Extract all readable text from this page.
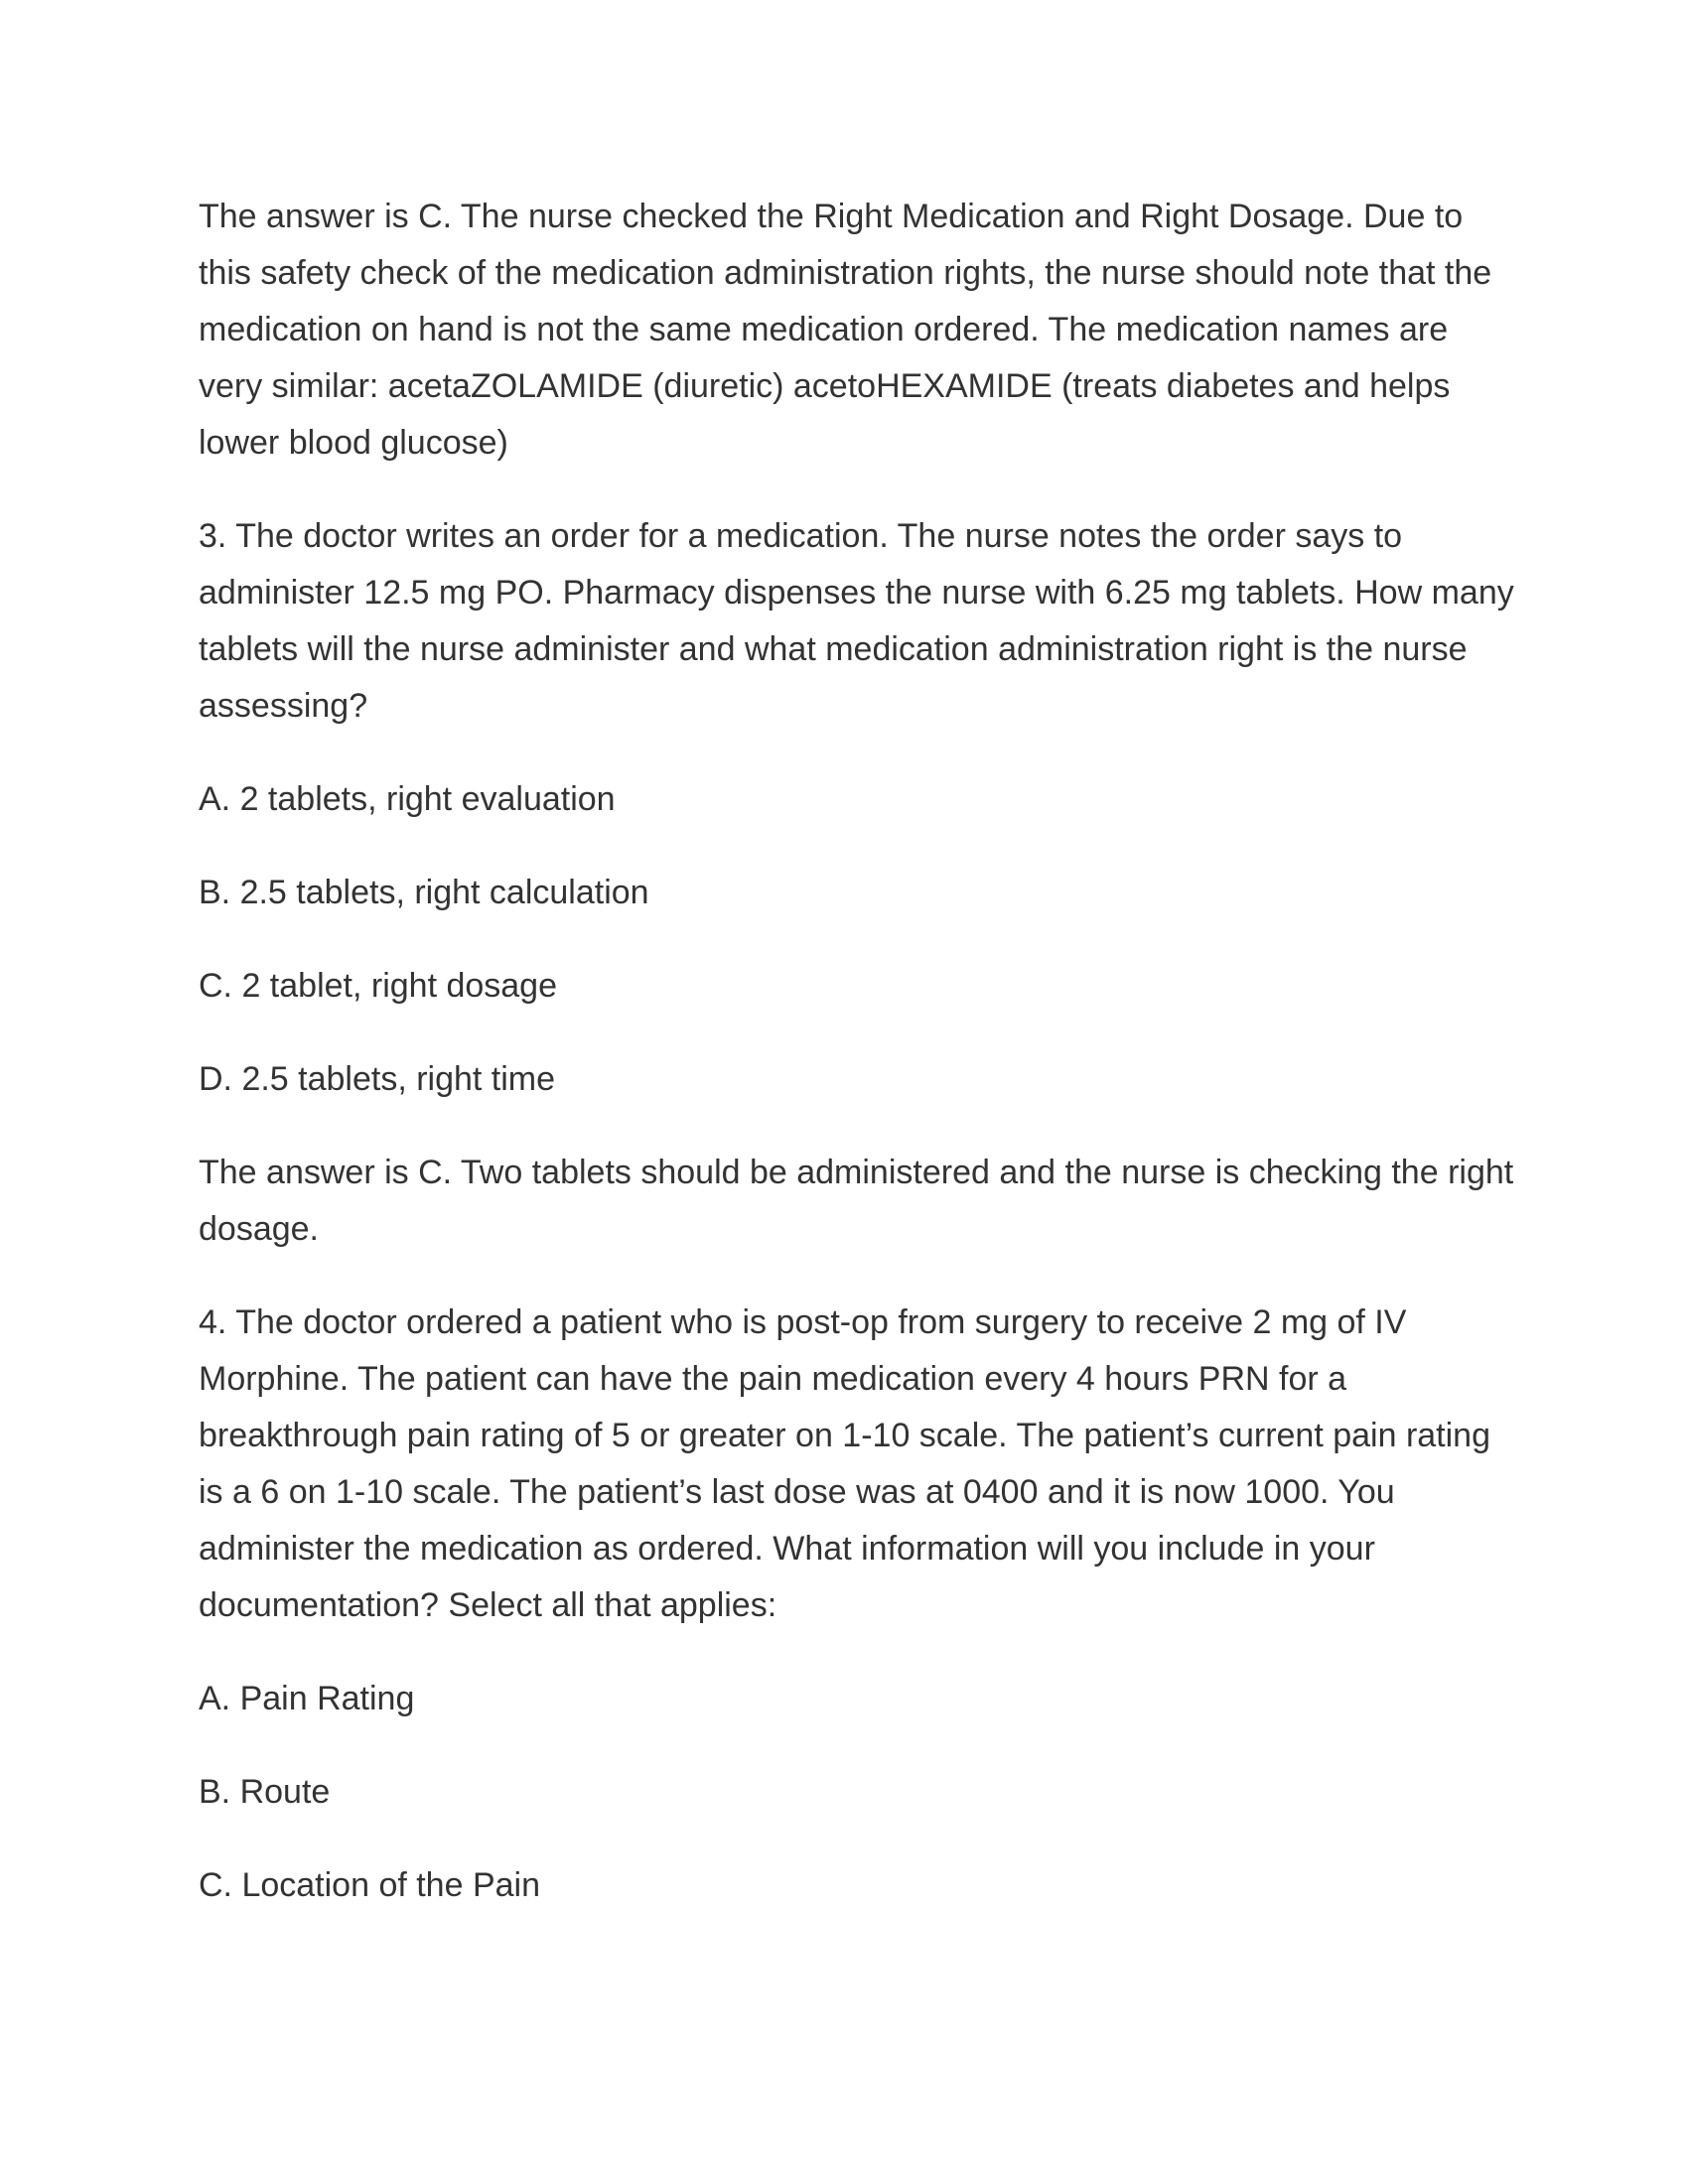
The answer is C. The nurse checked the Right Medication and Right Dosage. Due to this safety check of the medication administration rights, the nurse should note that the medication on hand is not the same medication ordered. The medication names are very similar: acetaZOLAMIDE (diuretic) acetoHEXAMIDE (treats diabetes and helps lower blood glucose)

3. The doctor writes an order for a medication. The nurse notes the order says to administer 12.5 mg PO. Pharmacy dispenses the nurse with 6.25 mg tablets. How many tablets will the nurse administer and what medication administration right is the nurse assessing?

A. 2 tablets, right evaluation

B. 2.5 tablets, right calculation

C. 2 tablet, right dosage

D. 2.5 tablets, right time

The answer is C. Two tablets should be administered and the nurse is checking the right dosage.

4. The doctor ordered a patient who is post-op from surgery to receive 2 mg of IV Morphine. The patient can have the pain medication every 4 hours PRN for a breakthrough pain rating of 5 or greater on 1-10 scale. The patient’s current pain rating is a 6 on 1-10 scale. The patient’s last dose was at 0400 and it is now 1000. You administer the medication as ordered. What information will you include in your documentation? Select all that applies:

A. Pain Rating

B. Route

C. Location of the Pain
